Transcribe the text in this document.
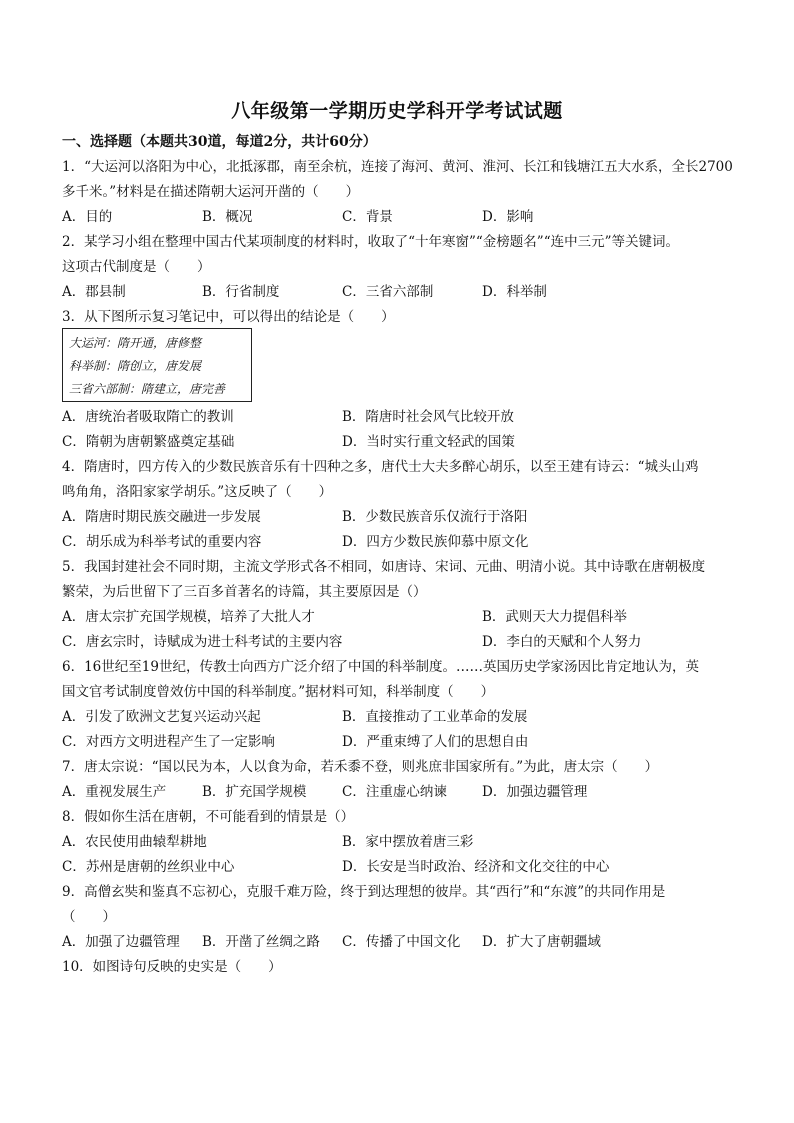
八年级第一学期历史学科开学考试试题
一、选择题（本题共30道，每道2分，共计60分）
1．“大运河以洛阳为中心，北抵涿郡，南至余杭，连接了海河、黄河、淮河、长江和钱塘江五大水系，全长2700
多千米。”材料是在描述隋朝大运河开凿的（　　）
A．目的	B．概况	C．背景	D．影响
2．某学习小组在整理中国古代某项制度的材料时，收取了“十年寒窗”“金榜题名”“连中三元”等关键词。
这项古代制度是（　　）
A．郡县制	B．行省制度	C．三省六部制	D．科举制
3．从下图所示复习笔记中，可以得出的结论是（　　）
大运河：隋开通，唐修整
科举制：隋创立，唐发展
三省六部制：隋建立，唐完善
A．唐统治者吸取隋亡的教训	B．隋唐时社会风气比较开放
C．隋朝为唐朝繁盛奠定基础	D．当时实行重文轻武的国策
4．隋唐时，四方传入的少数民族音乐有十四种之多，唐代士大夫多醉心胡乐，以至王建有诗云：“城头山鸡
鸣角角，洛阳家家学胡乐。”这反映了（　　）
A．隋唐时期民族交融进一步发展	B．少数民族音乐仅流行于洛阳
C．胡乐成为科举考试的重要内容	D．四方少数民族仰慕中原文化
5．我国封建社会不同时期，主流文学形式各不相同，如唐诗、宋词、元曲、明清小说。其中诗歌在唐朝极度
繁荣，为后世留下了三百多首著名的诗篇，其主要原因是（）
A．唐太宗扩充国学规模，培养了大批人才	B．武则天大力提倡科举
C．唐玄宗时，诗赋成为进士科考试的主要内容	D．李白的天赋和个人努力
6．16世纪至19世纪，传教士向西方广泛介绍了中国的科举制度。……英国历史学家汤因比肯定地认为，英
国文官考试制度曾效仿中国的科举制度。”据材料可知，科举制度（　　）
A．引发了欧洲文艺复兴运动兴起	B．直接推动了工业革命的发展
C．对西方文明进程产生了一定影响	D．严重束缚了人们的思想自由
7．唐太宗说：“国以民为本，人以食为命，若禾黍不登，则兆庶非国家所有。”为此，唐太宗（　　）
A．重视发展生产	B．扩充国学规模	C．注重虚心纳谏	D．加强边疆管理
8．假如你生活在唐朝，不可能看到的情景是（）
A．农民使用曲辕犁耕地	B．家中摆放着唐三彩
C．苏州是唐朝的丝织业中心	D．长安是当时政治、经济和文化交往的中心
9．高僧玄奘和鉴真不忘初心，克服千难万险，终于到达理想的彼岸。其“西行”和“东渡”的共同作用是
（　　）
A．加强了边疆管理 B．开凿了丝绸之路 C．传播了中国文化 D．扩大了唐朝疆域
10．如图诗句反映的史实是（　　）
